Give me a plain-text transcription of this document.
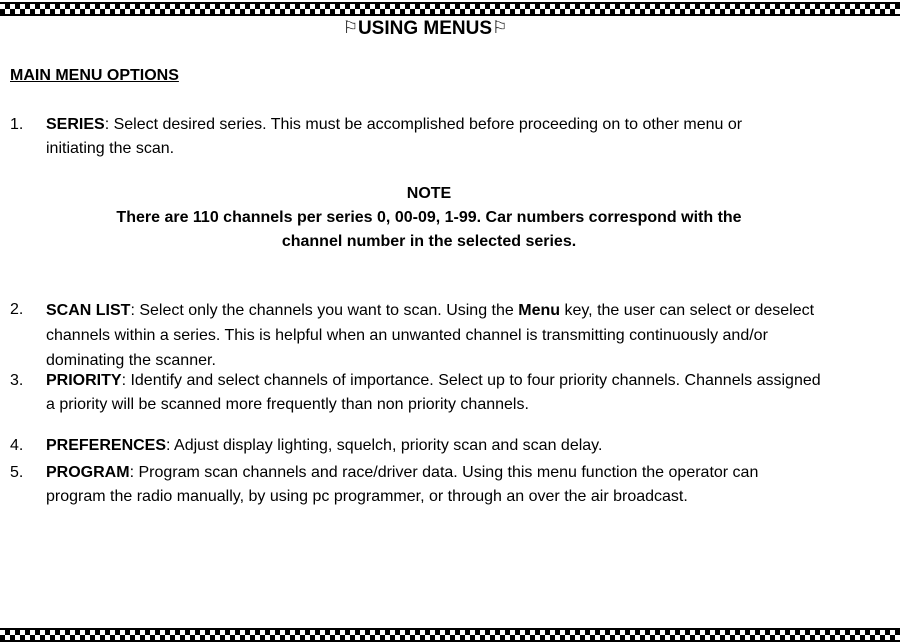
⚐USING MENUS⚐
MAIN MENU OPTIONS
1.	SERIES: Select desired series. This must be accomplished before proceeding on to other menu or initiating the scan.
NOTE
There are 110 channels per series 0, 00-09, 1-99. Car numbers correspond with the
channel number in the selected series.
2.	SCAN LIST: Select only the channels you want to scan. Using the Menu key, the user can select or deselect channels within a series. This is helpful when an unwanted channel is transmitting continuously and/or dominating the scanner.
3.	PRIORITY: Identify and select channels of importance. Select up to four priority channels. Channels assigned a priority will be scanned more frequently than non priority channels.
4.	PREFERENCES: Adjust display lighting, squelch, priority scan and scan delay.
5.	PROGRAM: Program scan channels and race/driver data. Using this menu function the operator can program the radio manually, by using pc programmer, or through an over the air broadcast.
